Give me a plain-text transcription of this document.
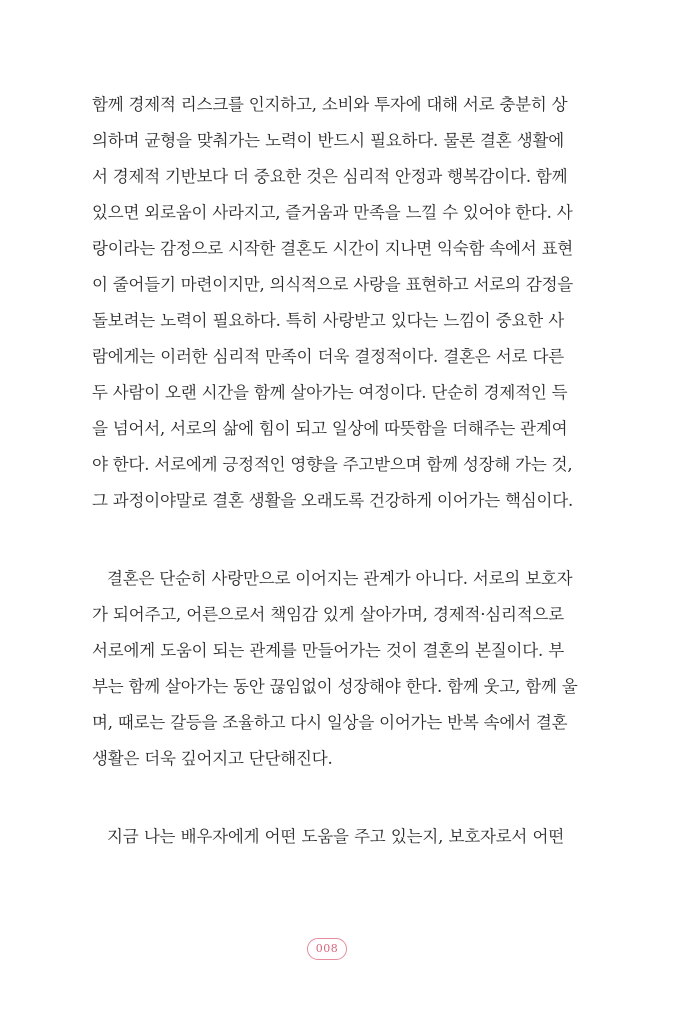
함께 경제적 리스크를 인지하고, 소비와 투자에 대해 서로 충분히 상
의하며 균형을 맞춰가는 노력이 반드시 필요하다. 물론 결혼 생활에
서 경제적 기반보다 더 중요한 것은 심리적 안정과 행복감이다. 함께
있으면 외로움이 사라지고, 즐거움과 만족을 느낄 수 있어야 한다. 사
랑이라는 감정으로 시작한 결혼도 시간이 지나면 익숙함 속에서 표현
이 줄어들기 마련이지만, 의식적으로 사랑을 표현하고 서로의 감정을
돌보려는 노력이 필요하다. 특히 사랑받고 있다는 느낌이 중요한 사
람에게는 이러한 심리적 만족이 더욱 결정적이다. 결혼은 서로 다른
두 사람이 오랜 시간을 함께 살아가는 여정이다. 단순히 경제적인 득
을 넘어서, 서로의 삶에 힘이 되고 일상에 따뜻함을 더해주는 관계여
야 한다. 서로에게 긍정적인 영향을 주고받으며 함께 성장해 가는 것,
그 과정이야말로 결혼 생활을 오래도록 건강하게 이어가는 핵심이다.
결혼은 단순히 사랑만으로 이어지는 관계가 아니다. 서로의 보호자
가 되어주고, 어른으로서 책임감 있게 살아가며, 경제적·심리적으로
서로에게 도움이 되는 관계를 만들어가는 것이 결혼의 본질이다. 부
부는 함께 살아가는 동안 끊임없이 성장해야 한다. 함께 웃고, 함께 울
며, 때로는 갈등을 조율하고 다시 일상을 이어가는 반복 속에서 결혼
생활은 더욱 깊어지고 단단해진다.
지금 나는 배우자에게 어떤 도움을 주고 있는지, 보호자로서 어떤
008
